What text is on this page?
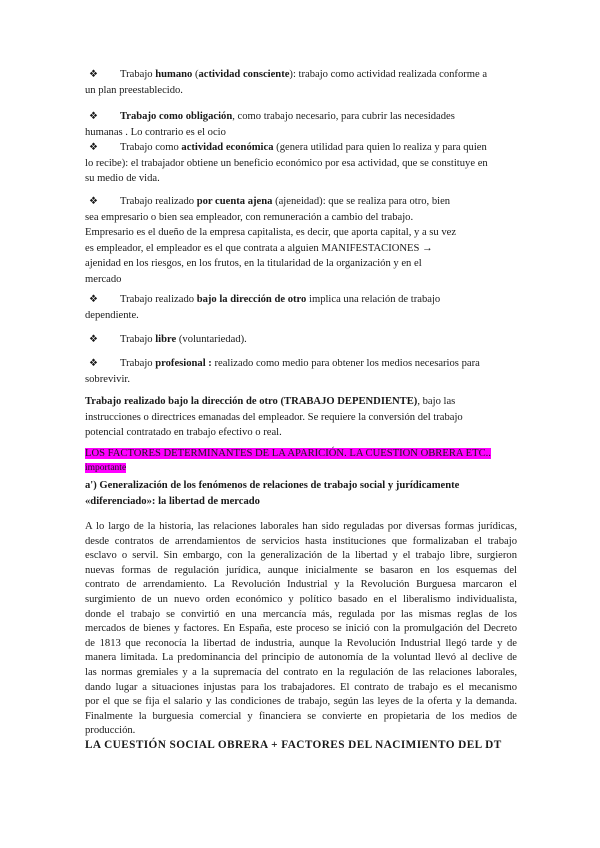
❖ Trabajo humano (actividad consciente): trabajo como actividad realizada conforme a

un plan preestablecido.

❖ Trabajo como obligación, como trabajo necesario, para cubrir las necesidades

humanas . Lo contrario es el ocio

❖ Trabajo como actividad económica (genera utilidad para quien lo realiza y para quien

lo recibe): el trabajador obtiene un beneficio económico por esa actividad, que se constituye en

su medio de vida.

❖ Trabajo realizado por cuenta ajena (ajeneidad): que se realiza para otro, bien

sea empresario o bien sea empleador, con remuneración a cambio del trabajo.

Empresario es el dueño de la empresa capitalista, es decir, que aporta capital, y a su vez

es empleador, el empleador es el que contrata a alguien MANIFESTACIONES →

ajenidad en los riesgos, en los frutos, en la titularidad de la organización y en el

mercado

❖ Trabajo realizado bajo la dirección de otro implica una relación de trabajo

dependiente.

❖ Trabajo libre (voluntariedad).

❖ Trabajo profesional : realizado como medio para obtener los medios necesarios para

sobrevivir.

Trabajo realizado bajo la dirección de otro (TRABAJO DEPENDIENTE), bajo las

instrucciones o directrices emanadas del empleador. Se requiere la conversión del trabajo

potencial contratado en trabajo efectivo o real.

LOS FACTORES DETERMINANTES DE LA APARICIÓN. LA CUESTION OBRERA ETC..

importante

a') Generalización de los fenómenos de relaciones de trabajo social y jurídicamente

«diferenciado»: la libertad de mercado

A lo largo de la historia, las relaciones laborales han sido reguladas por diversas formas jurídicas,

desde contratos de arrendamientos de servicios hasta instituciones que formalizaban el trabajo

esclavo o servil. Sin embargo, con la generalización de la libertad y el trabajo libre, surgieron

nuevas formas de regulación jurídica, aunque inicialmente se basaron en los esquemas del

contrato de arrendamiento. La Revolución Industrial y la Revolución Burguesa marcaron el

surgimiento de un nuevo orden económico y político basado en el liberalismo individualista,

donde el trabajo se convirtió en una mercancía más, regulada por las mismas reglas de los

mercados de bienes y factores. En España, este proceso se inició con la promulgación del Decreto

de 1813 que reconocía la libertad de industria, aunque la Revolución Industrial llegó tarde y de

manera limitada. La predominancia del principio de autonomía de la voluntad llevó al declive de

las normas gremiales y a la supremacía del contrato en la regulación de las relaciones laborales,

dando lugar a situaciones injustas para los trabajadores. El contrato de trabajo es el mecanismo

por el que se fija el salario y las condiciones de trabajo, según las leyes de la oferta y la demanda.

Finalmente la burguesia comercial y financiera se convierte en propietaria de los medios de

producción.

LA CUESTIÓN SOCIAL OBRERA + FACTORES DEL NACIMIENTO DEL DT
